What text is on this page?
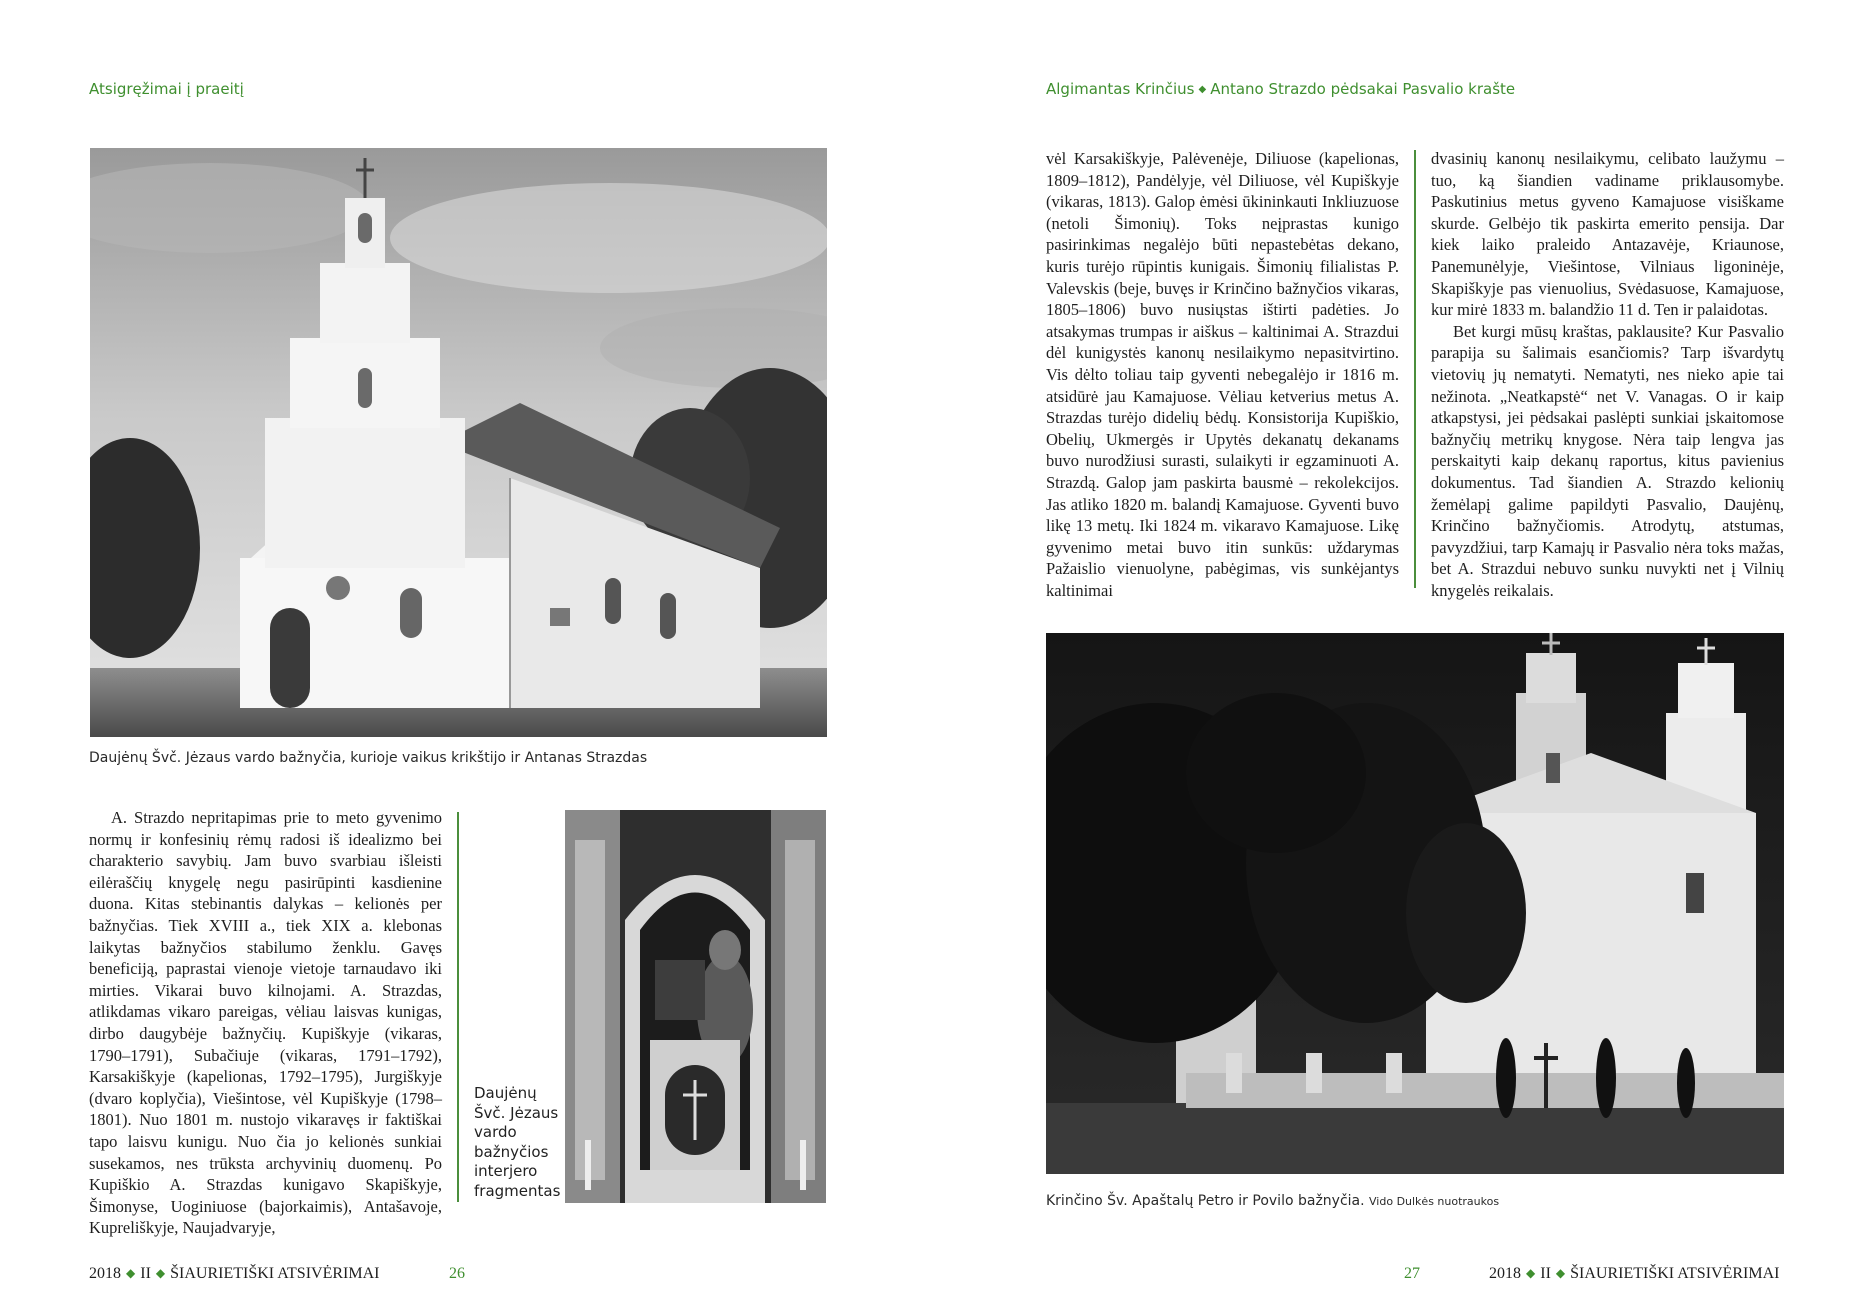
Atsigręžimai į praeitį
Daujėnų Švč. Jėzaus vardo bažnyčia, kurioje vaikus krikštijo ir Antanas Strazdas

A. Strazdo nepritapimas prie to meto gyvenimo normų ir konfesinių rėmų radosi iš idealizmo bei charakterio savybių. Jam buvo svarbiau išleisti eilėraščių knygelę negu pasirūpinti kasdienine duona. Kitas stebinantis dalykas – kelionės per bažnyčias. Tiek XVIII a., tiek XIX a. klebonas laikytas bažnyčios stabilumo ženklu. Gavęs beneficiją, paprastai vienoje vietoje tarnaudavo iki mirties. Vikarai buvo kilnojami. A. Strazdas, atlikdamas vikaro pareigas, vėliau laisvas kunigas, dirbo daugybėje bažnyčių. Kupiškyje (vikaras, 1790–1791), Subačiuje (vikaras, 1791–1792), Karsakiškyje (kapelionas, 1792–1795), Jurgiškyje (dvaro koplyčia), Viešintose, vėl Kupiškyje (1798–1801). Nuo 1801 m. nustojo vikaravęs ir faktiškai tapo laisvu kunigu. Nuo čia jo kelionės sunkiai susekamos, nes trūksta archyvinių duomenų. Po Kupiškio A. Strazdas kunigavo Skapiškyje, Šimonyse, Uoginiuose (bajorkaimis), Antašavoje, Kupreliškyje, Naujadvaryje,

Daujėnų
Švč. Jėzaus
vardo
bažnyčios
interjero
fragmentas
2018 ◆ II ◆ ŠIAURIETIŠKI ATSIVĖRIMAI	26
Algimantas Krinčius ◆ Antano Strazdo pėdsakai Pasvalio krašte

vėl Karsakiškyje, Palėvenėje, Diliuose (kapelionas, 1809–1812), Pandėlyje, vėl Diliuose, vėl Kupiškyje (vikaras, 1813). Galop ėmėsi ūkininkauti Inkliuzuose (netoli Šimonių). Toks neįprastas kunigo pasirinkimas negalėjo būti nepastebėtas dekano, kuris turėjo rūpintis kunigais. Šimonių filialistas P. Valevskis (beje, buvęs ir Krinčino bažnyčios vikaras, 1805–1806) buvo nusiųstas ištirti padėties. Jo atsakymas trumpas ir aiškus – kaltinimai A. Strazdui dėl kunigystės kanonų nesilaikymo nepasitvirtino. Vis dėlto toliau taip gyventi nebegalėjo ir 1816 m. atsidūrė jau Kamajuose. Vėliau ketverius metus A. Strazdas turėjo didelių bėdų. Konsistorija Kupiškio, Obelių, Ukmergės ir Upytės dekanatų dekanams buvo nurodžiusi surasti, sulaikyti ir egzaminuoti A. Strazdą. Galop jam paskirta bausmė – rekolekcijos. Jas atliko 1820 m. balandį Kamajuose. Gyventi buvo likę 13 metų. Iki 1824 m. vikaravo Kamajuose. Likę gyvenimo metai buvo itin sunkūs: uždarymas Pažaislio vienuolyne, pabėgimas, vis sunkėjantys kaltinimai

dvasinių kanonų nesilaikymu, celibato laužymu – tuo, ką šiandien vadiname priklausomybe. Paskutinius metus gyveno Kamajuose visiškame skurde. Gelbėjo tik paskirta emerito pensija. Dar kiek laiko praleido Antazavėje, Kriaunose, Panemunėlyje, Viešintose, Vilniaus ligoninėje, Skapiškyje pas vienuolius, Svėdasuose, Kamajuose, kur mirė 1833 m. balandžio 11 d. Ten ir palaidotas.

Bet kurgi mūsų kraštas, paklausite? Kur Pasvalio parapija su šalimais esančiomis? Tarp išvardytų vietovių jų nematyti. Nematyti, nes nieko apie tai nežinota. „Neatkapstė“ net V. Vanagas. O ir kaip atkapstysi, jei pėdsakai paslėpti sunkiai įskaitomose bažnyčių metrikų knygose. Nėra taip lengva jas perskaityti kaip dekanų raportus, kitus pavienius dokumentus. Tad šiandien A. Strazdo kelionių žemėlapį galime papildyti Pasvalio, Daujėnų, Krinčino bažnyčiomis. Atrodytų, atstumas, pavyzdžiui, tarp Kamajų ir Pasvalio nėra toks mažas, bet A. Strazdui nebuvo sunku nuvykti net į Vilnių knygelės reikalais.

Krinčino Šv. Apaštalų Petro ir Povilo bažnyčia. Vido Dulkės nuotraukos
27	2018 ◆ II ◆ ŠIAURIETIŠKI ATSIVĖRIMAI
